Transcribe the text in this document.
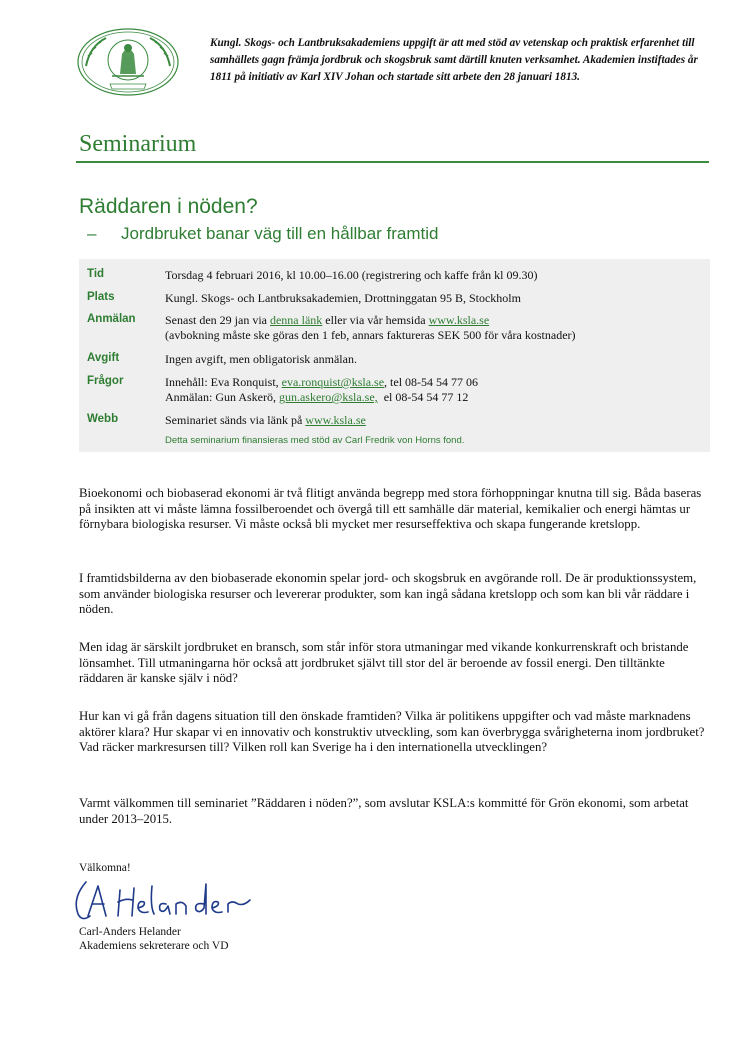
Kungl. Skogs- och Lantbruksakademiens uppgift är att med stöd av vetenskap och praktisk erfarenhet till samhällets gagn främja jordbruk och skogsbruk samt därtill knuten verksamhet. Akademien instiftades år 1811 på initiativ av Karl XIV Johan och startade sitt arbete den 28 januari 1813.
Seminarium
Räddaren i nöden?
– Jordbruket banar väg till en hållbar framtid
Tid	Torsdag 4 februari 2016, kl 10.00–16.00 (registrering och kaffe från kl 09.30)
Plats	Kungl. Skogs- och Lantbruksakademien, Drottninggatan 95 B, Stockholm
Anmälan Senast den 29 jan via denna länk eller via vår hemsida www.ksla.se
(avbokning måste ske göras den 1 feb, annars faktureras SEK 500 för våra kostnader)
Avgift	Ingen avgift, men obligatorisk anmälan.
Frågor	Innehåll: Eva Ronquist, eva.ronquist@ksla.se, tel 08-54 54 77 06
Anmälan: Gun Askerö, gun.askero@ksla.se,  el 08-54 54 77 12
Webb	Seminariet sänds via länk på www.ksla.se
Detta seminarium finansieras med stöd av Carl Fredrik von Horns fond.

Bioekonomi och biobaserad ekonomi är två flitigt använda begrepp med stora förhoppningar knutna till sig. Båda baseras på insikten att vi måste lämna fossilberoendet och övergå till ett samhälle där material, kemikalier och energi hämtas ur förnybara biologiska resurser. Vi måste också bli mycket mer resurseffektiva och skapa fungerande kretslopp.

I framtidsbilderna av den biobaserade ekonomin spelar jord- och skogsbruk en avgörande roll. De är produktionssystem, som använder biologiska resurser och levererar produkter, som kan ingå sådana kretslopp och som kan bli vår räddare i nöden.

Men idag är särskilt jordbruket en bransch, som står inför stora utmaningar med vikande konkurrenskraft och bristande lönsamhet. Till utmaningarna hör också att jordbruket självt till stor del är beroende av fossil energi. Den tilltänkte räddaren är kanske själv i nöd?

Hur kan vi gå från dagens situation till den önskade framtiden? Vilka är politikens uppgifter och vad måste marknadens aktörer klara? Hur skapar vi en innovativ och konstruktiv utveckling, som kan överbrygga svårigheterna inom jordbruket? Vad räcker markresursen till? Vilken roll kan Sverige ha i den internationella utvecklingen?

Varmt välkommen till seminariet ”Räddaren i nöden?”, som avslutar KSLA:s kommitté för Grön ekonomi, som arbetat under 2013–2015.

Välkomna!
Carl-Anders Helander
Akademiens sekreterare och VD
